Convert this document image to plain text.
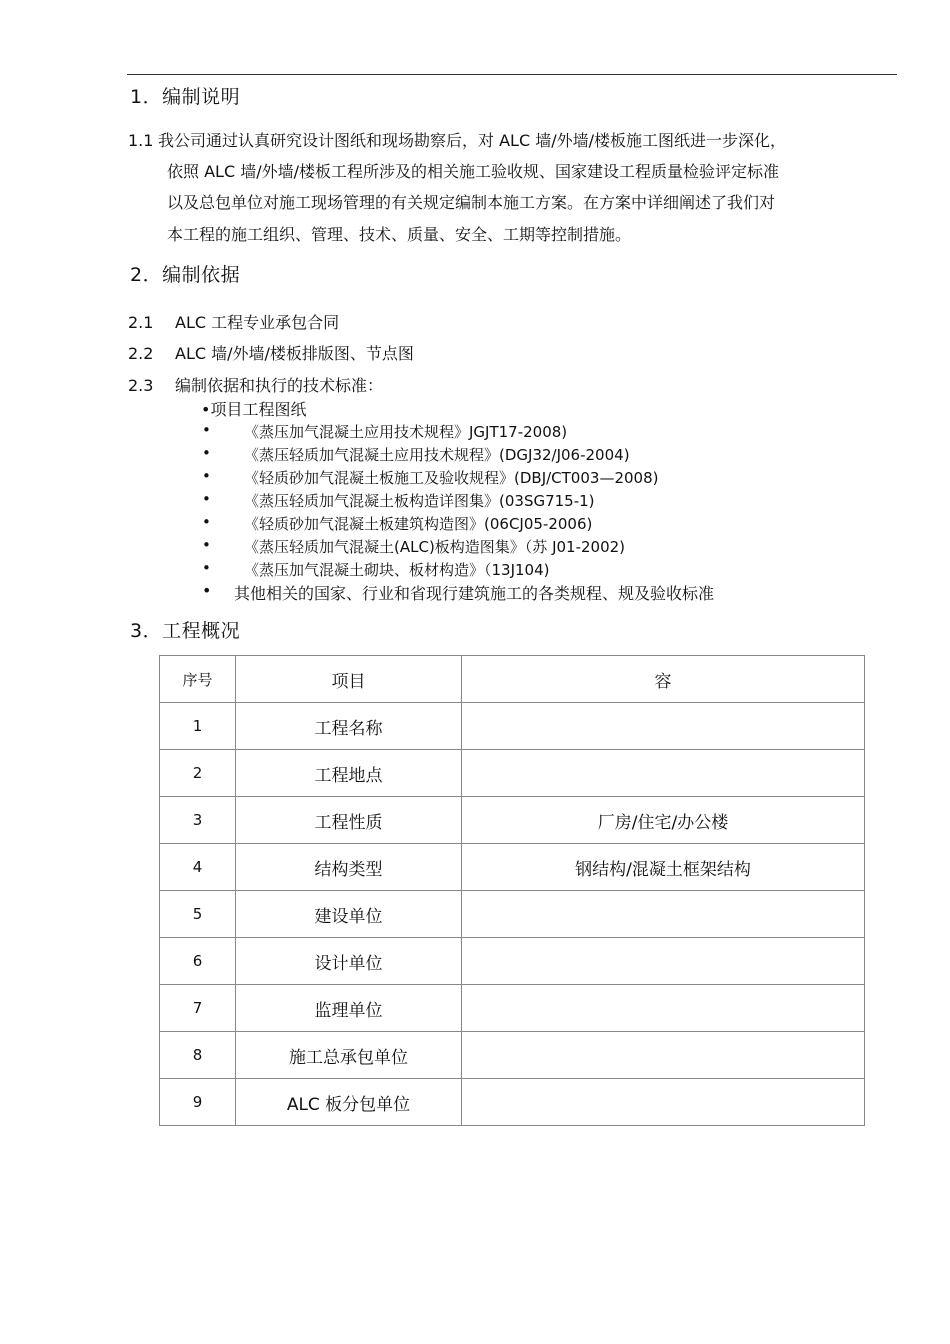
1．编制说明
1.1 我公司通过认真研究设计图纸和现场勘察后，对 ALC 墙/外墙/楼板施工图纸进一步深化，
依照 ALC 墙/外墙/楼板工程所涉及的相关施工验收规、国家建设工程质量检验评定标准
以及总包单位对施工现场管理的有关规定编制本施工方案。在方案中详细阐述了我们对
本工程的施工组织、管理、技术、质量、安全、工期等控制措施。
2．编制依据
2.1 ALC 工程专业承包合同
2.2 ALC 墙/外墙/楼板排版图、节点图
2.3 编制依据和执行的技术标准：
•项目工程图纸
• 《蒸压加气混凝土应用技术规程》JGJT17-2008)
• 《蒸压轻质加气混凝土应用技术规程》(DGJ32/J06-2004)
• 《轻质砂加气混凝土板施工及验收规程》(DBJ/CT003—2008)
• 《蒸压轻质加气混凝土板构造详图集》(03SG715-1)
• 《轻质砂加气混凝土板建筑构造图》(06CJ05-2006)
• 《蒸压轻质加气混凝土(ALC)板构造图集》（苏 J01-2002)
• 《蒸压加气混凝土砌块、板材构造》（13J104)
• 其他相关的国家、行业和省现行建筑施工的各类规程、规及验收标准
3．工程概况
序号	项目	容
1	工程名称	
2	工程地点	
3	工程性质	厂房/住宅/办公楼
4	结构类型	钢结构/混凝土框架结构
5	建设单位	
6	设计单位	
7	监理单位	
8	施工总承包单位	
9	ALC 板分包单位	
